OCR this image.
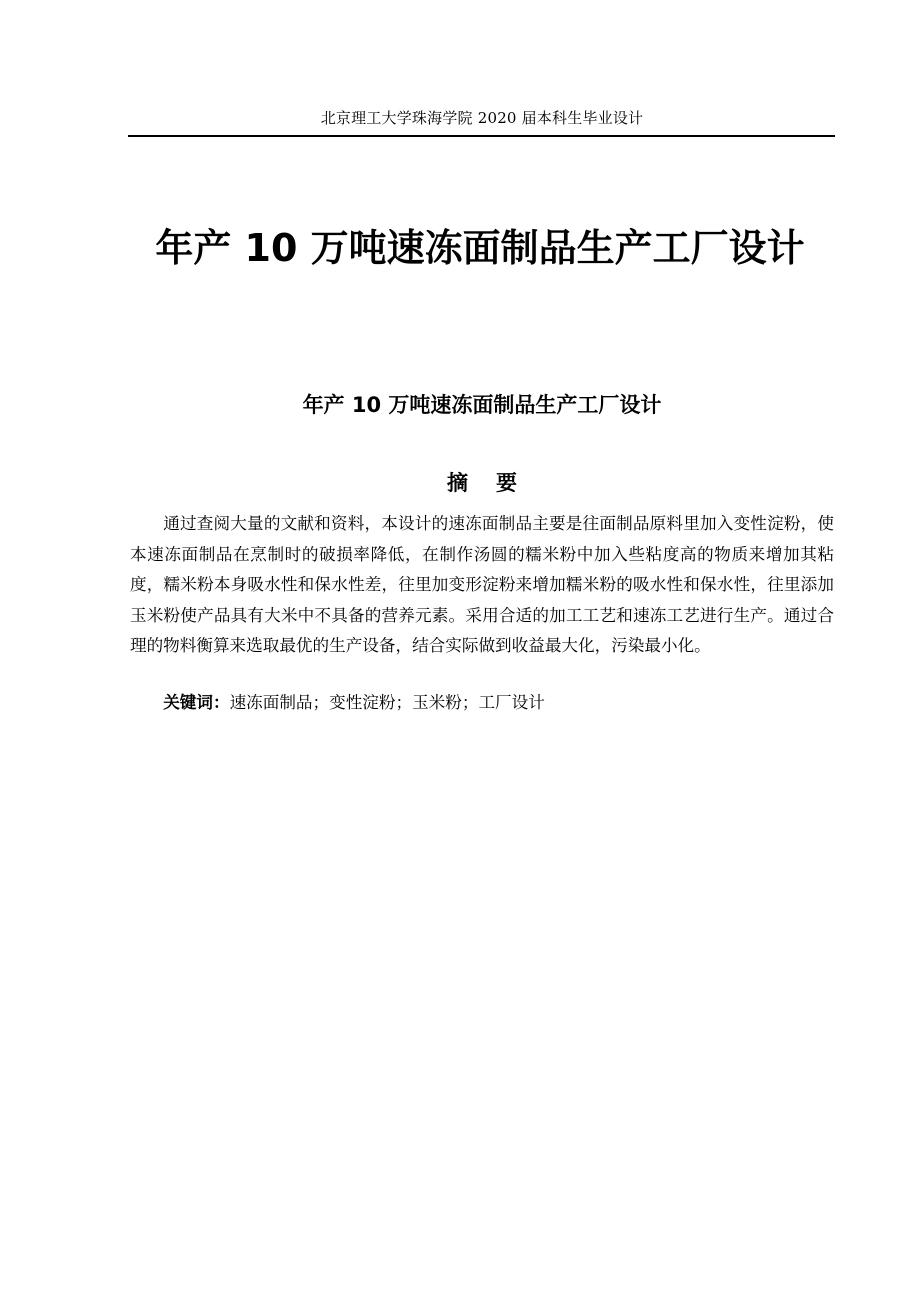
北京理工大学珠海学院 2020 届本科生毕业设计
年产 10 万吨速冻面制品生产工厂设计
年产 10 万吨速冻面制品生产工厂设计
摘要

通过查阅大量的文献和资料，本设计的速冻面制品主要是往面制品原料里加入变性淀粉，使本速冻面制品在烹制时的破损率降低，在制作汤圆的糯米粉中加入些粘度高的物质来增加其粘度，糯米粉本身吸水性和保水性差，往里加变形淀粉来增加糯米粉的吸水性和保水性，往里添加玉米粉使产品具有大米中不具备的营养元素。采用合适的加工工艺和速冻工艺进行生产。通过合理的物料衡算来选取最优的生产设备，结合实际做到收益最大化，污染最小化。

关键词：速冻面制品；变性淀粉；玉米粉；工厂设计
